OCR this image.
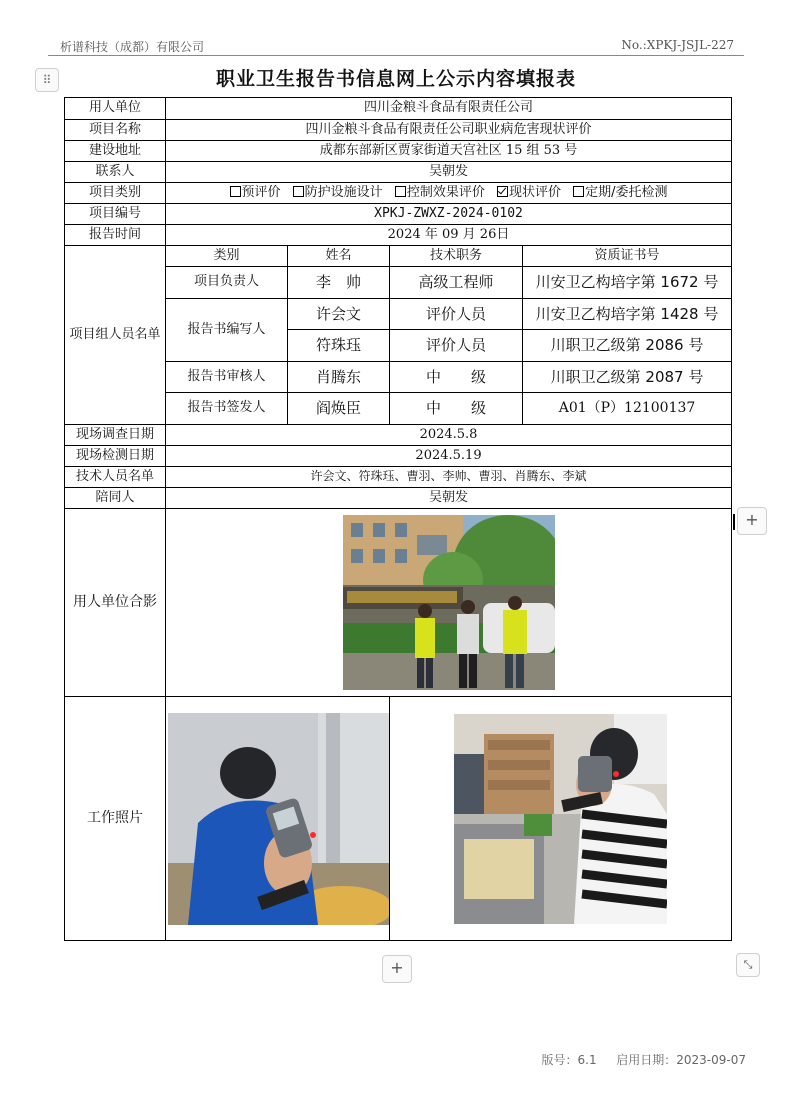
析谱科技（成都）有限公司	No.:XPKJ-JSJL-227
⠿	职业卫生报告书信息网上公示内容填报表
用人单位	四川金粮斗食品有限责任公司			
项目名称	四川金粮斗食品有限责任公司职业病危害现状评价			
建设地址	成都东部新区贾家街道天宫社区 15 组 53 号			
联系人	吴朝发			
项目类别	预评价 防护设施设计 控制效果评价 现状评价 定期/委托检测			
项目编号	XPKJ-ZWXZ-2024-0102			
报告时间	2024 年 09 月 26日			
项目组人员名单	类别	姓名	技术职务	资质证书号
	项目负责人	李　帅	高级工程师	川安卫乙构培字第 1672 号
	报告书编写人	许会文	评价人员	川安卫乙构培字第 1428 号
		符珠珏	评价人员	川职卫乙级第 2086 号
	报告书审核人	肖腾东	中　　级	川职卫乙级第 2087 号
	报告书签发人	阎焕臣	中　　级	A01（P）12100137
现场调查日期	2024.5.8			
现场检测日期	2024.5.19			
技术人员名单	许会文、符珠珏、曹羽、李帅、曹羽、肖腾东、李斌			
陪同人	吴朝发			
用人单位合影	

工作照片	

+
+	⤡
版号：6.1 启用日期：2023-09-07
